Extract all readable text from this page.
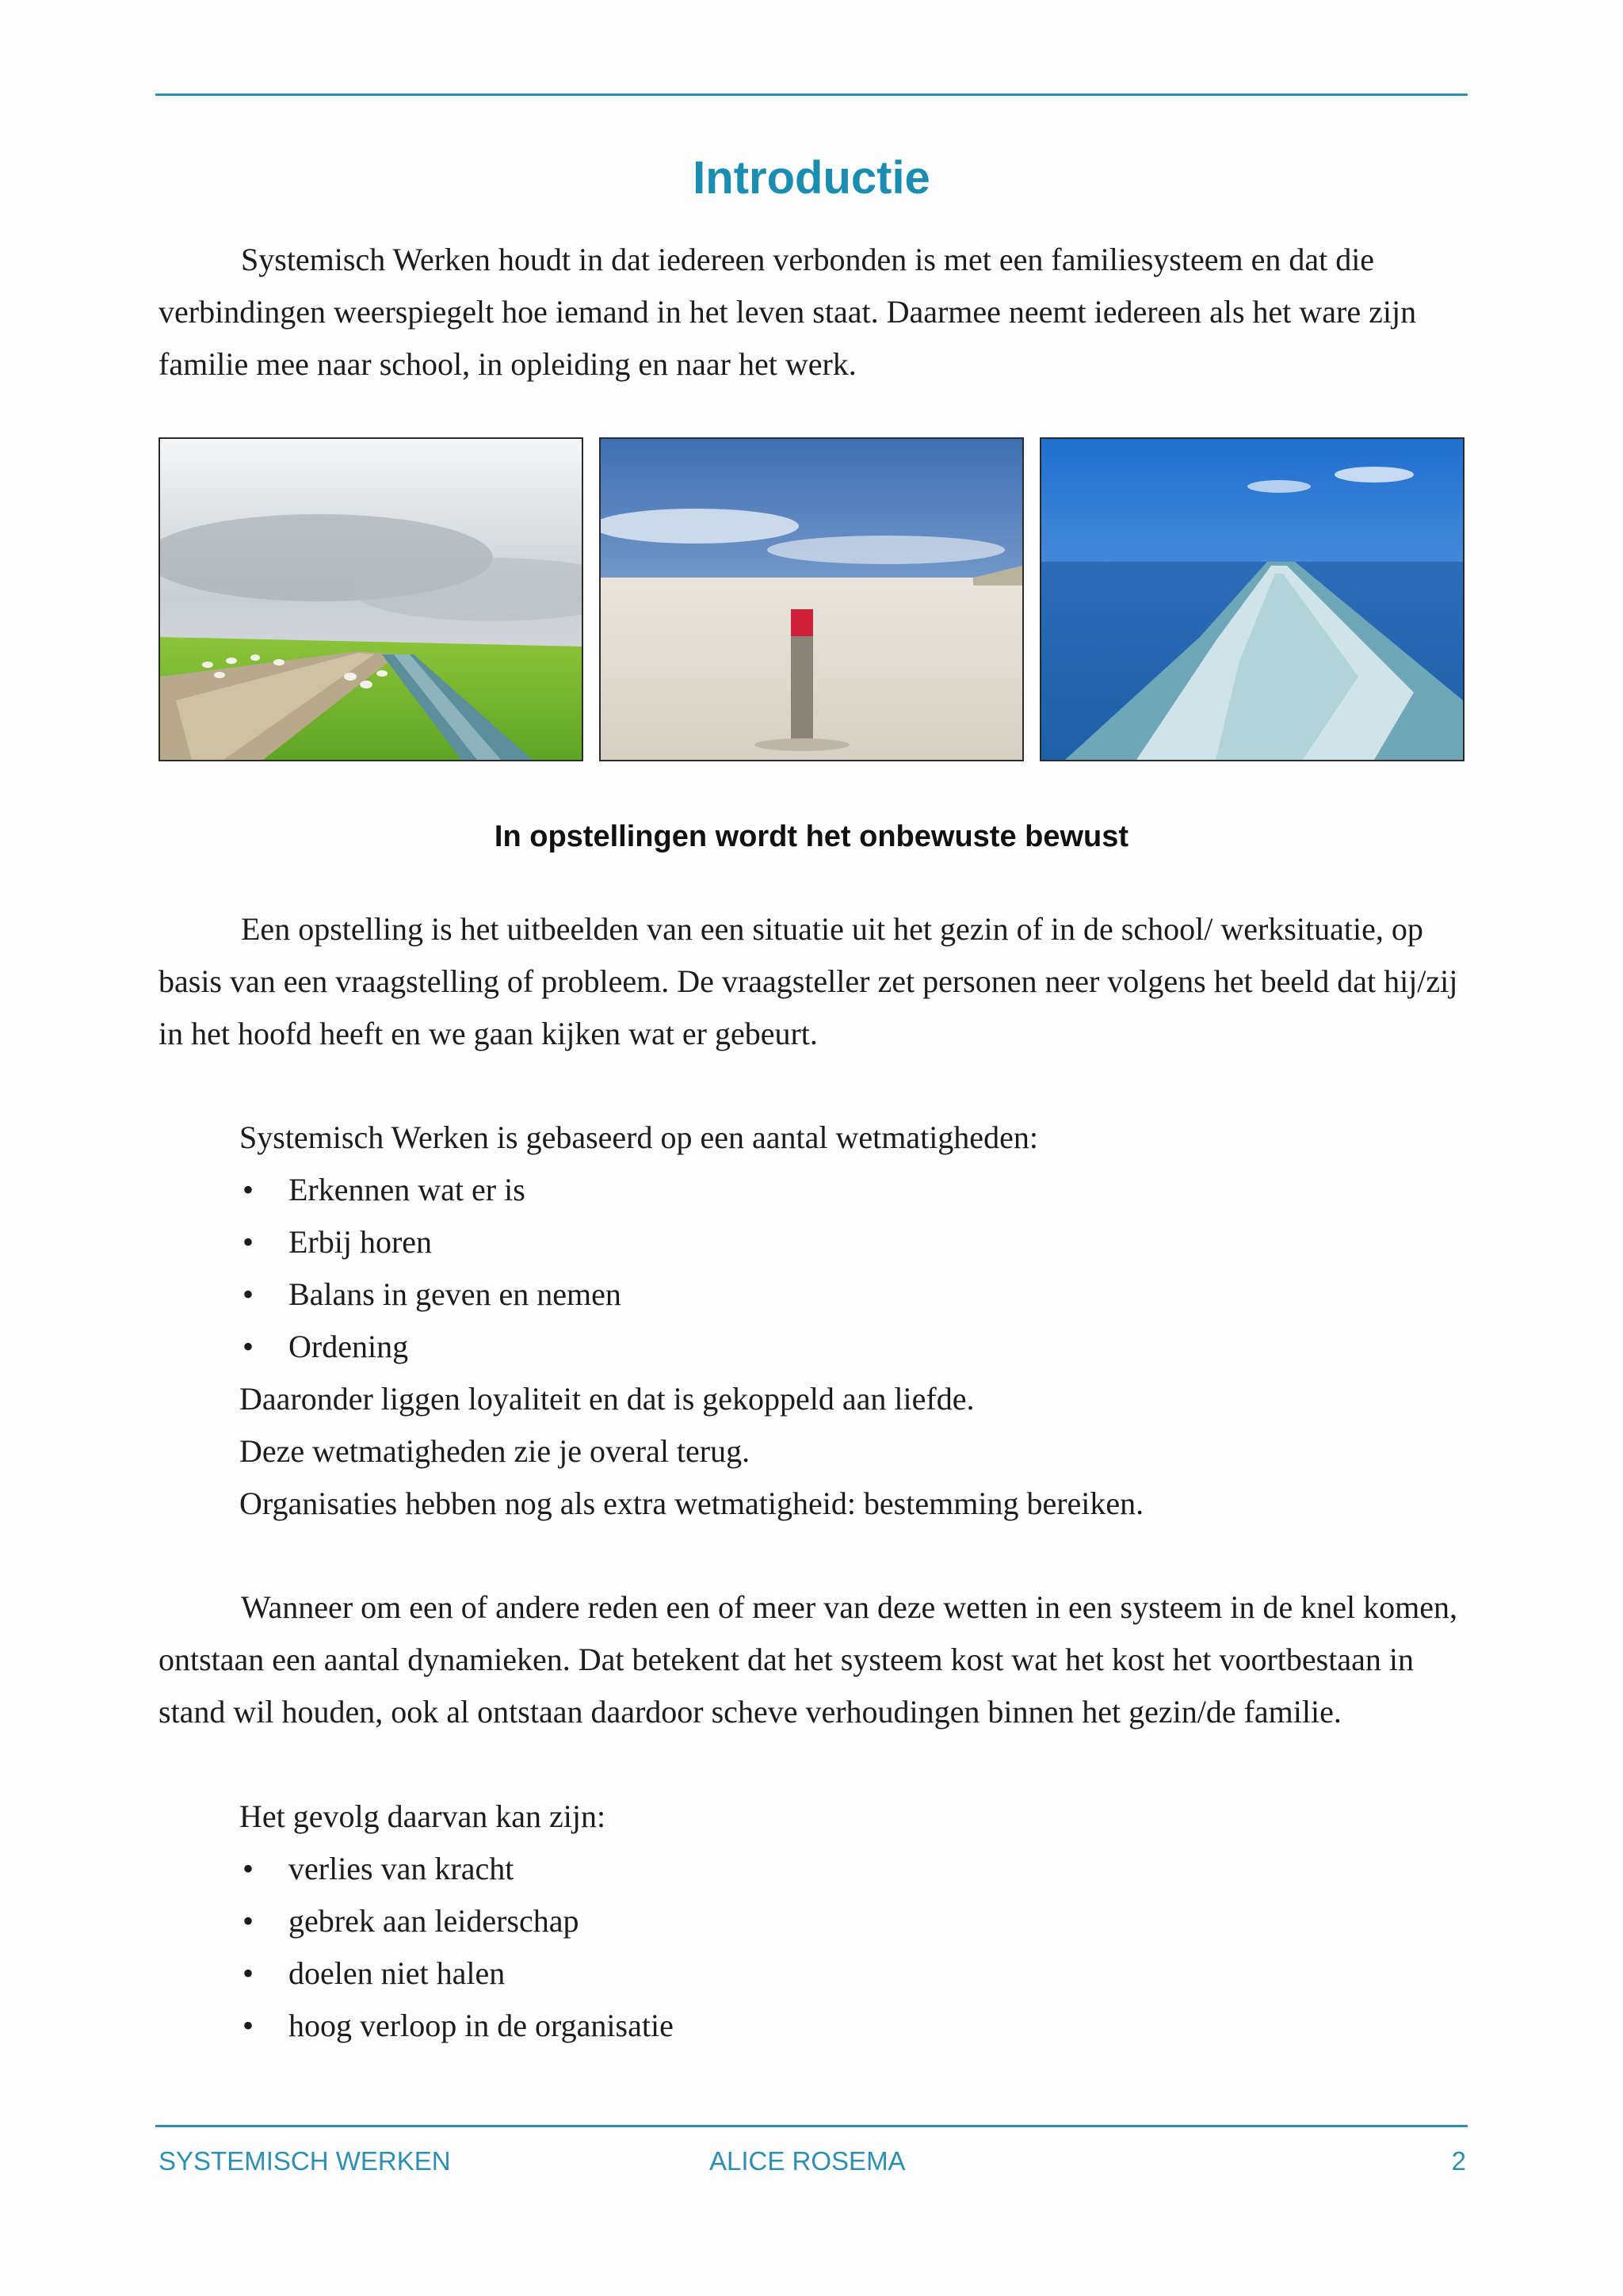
Introductie

Systemisch Werken houdt in dat iedereen verbonden is met een familiesysteem en dat die verbindingen weerspiegelt hoe iemand in het leven staat. Daarmee neemt iedereen als het ware zijn familie mee naar school, in opleiding en naar het werk.

In opstellingen wordt het onbewuste bewust

Een opstelling is het uitbeelden van een situatie uit het gezin of in de school/ werksituatie, op basis van een vraagstelling of probleem. De vraagsteller zet personen neer volgens het beeld dat hij/zij in het hoofd heeft en we gaan kijken wat er gebeurt.

Systemisch Werken is gebaseerd op een aantal wetmatigheden:

• Erkennen wat er is
• Erbij horen
• Balans in geven en nemen
• Ordening

Daaronder liggen loyaliteit en dat is gekoppeld aan liefde.

Deze wetmatigheden zie je overal terug.

Organisaties hebben nog als extra wetmatigheid: bestemming bereiken.

Wanneer om een of andere reden een of meer van deze wetten in een systeem in de knel komen, ontstaan een aantal dynamieken. Dat betekent dat het systeem kost wat het kost het voortbestaan in stand wil houden, ook al ontstaan daardoor scheve verhoudingen binnen het gezin/de familie.

Het gevolg daarvan kan zijn:

• verlies van kracht
• gebrek aan leiderschap
• doelen niet halen
• hoog verloop in de organisatie
SYSTEMISCH WERKEN	ALICE ROSEMA	2
